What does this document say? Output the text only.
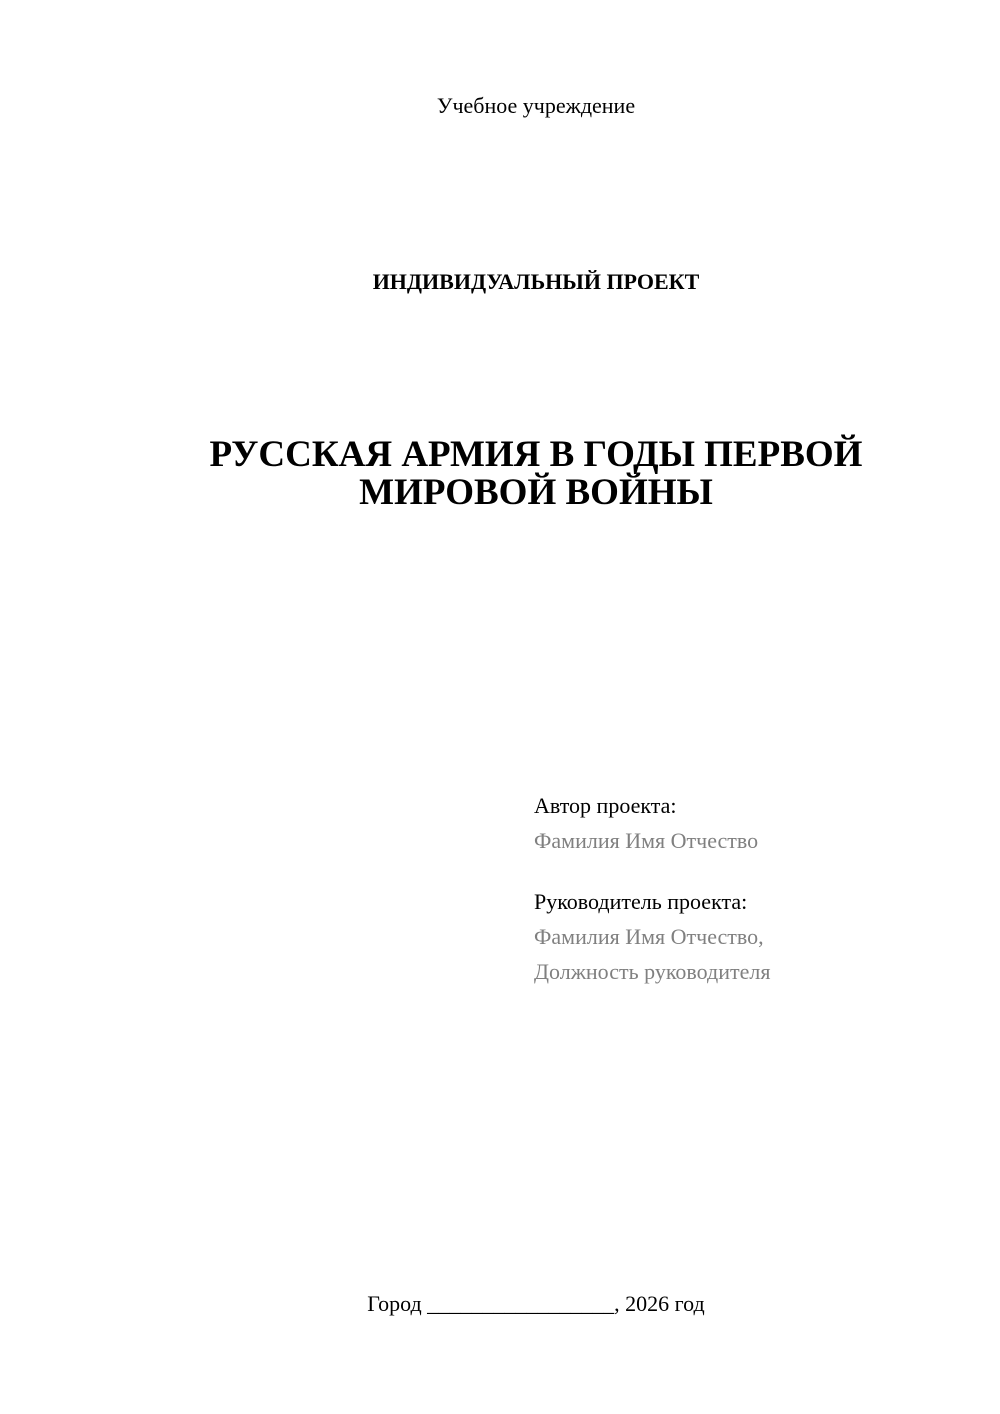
Учебное учреждение
ИНДИВИДУАЛЬНЫЙ ПРОЕКТ
РУССКАЯ АРМИЯ В ГОДЫ ПЕРВОЙ
МИРОВОЙ ВОЙНЫ
Автор проекта:
Фамилия Имя Отчество
Руководитель проекта:
Фамилия Имя Отчество,
Должность руководителя
Город _________________, 2026 год
